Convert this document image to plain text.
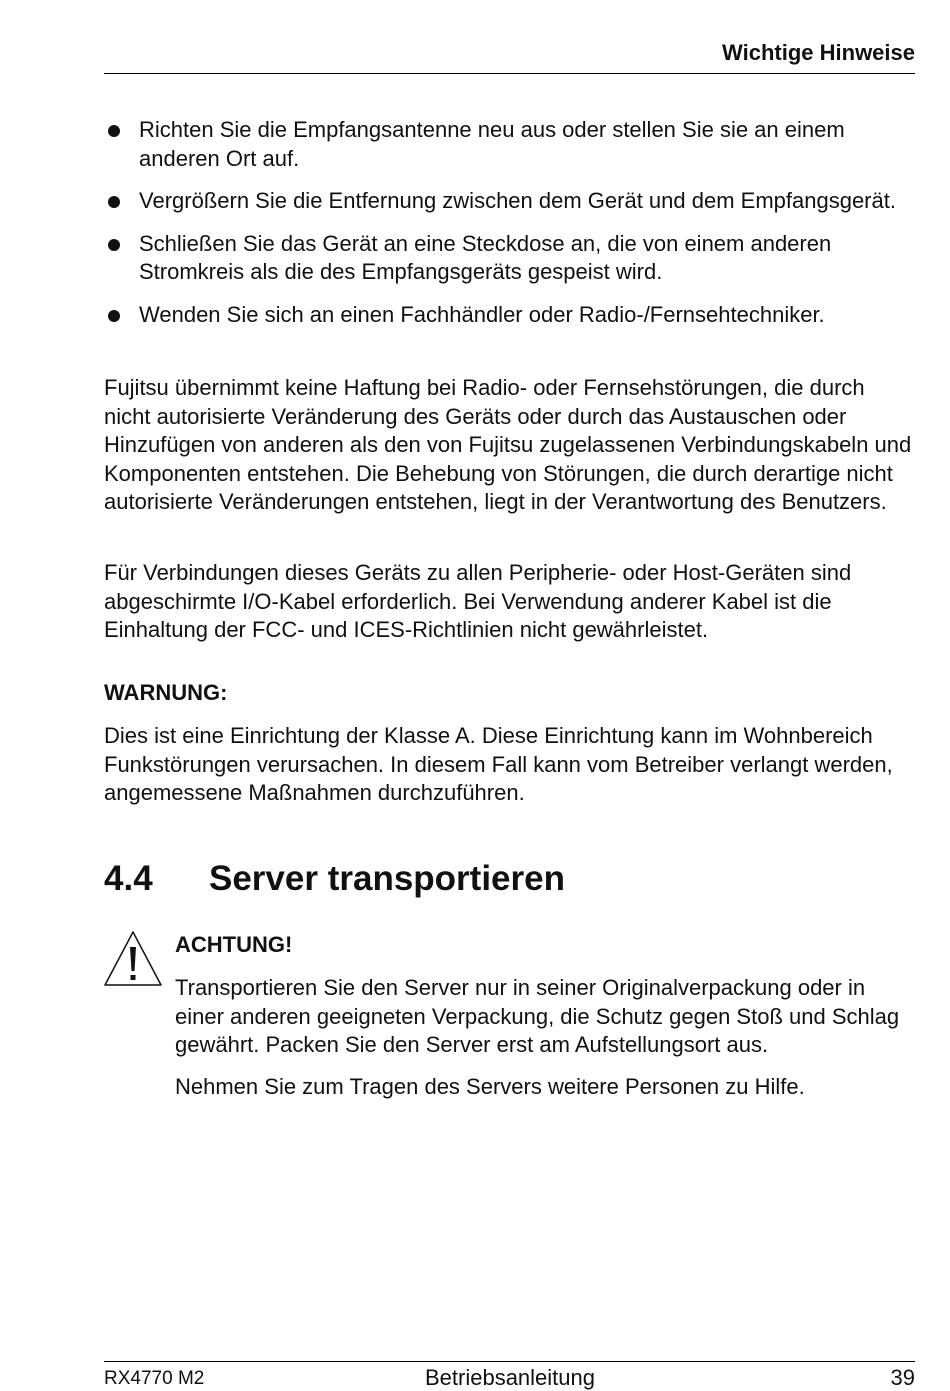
Wichtige Hinweise
Richten Sie die Empfangsantenne neu aus oder stellen Sie sie an einem anderen Ort auf.
Vergrößern Sie die Entfernung zwischen dem Gerät und dem Empfangsgerät.
Schließen Sie das Gerät an eine Steckdose an, die von einem anderen Stromkreis als die des Empfangsgeräts gespeist wird.
Wenden Sie sich an einen Fachhändler oder Radio-/Fernsehtechniker.

Fujitsu übernimmt keine Haftung bei Radio- oder Fernsehstörungen, die durch nicht autorisierte Veränderung des Geräts oder durch das Austauschen oder Hinzufügen von anderen als den von Fujitsu zugelassenen Verbindungskabeln und Komponenten entstehen. Die Behebung von Störungen, die durch derartige nicht autorisierte Veränderungen entstehen, liegt in der Verantwortung des Benutzers.

Für Verbindungen dieses Geräts zu allen Peripherie- oder Host-Geräten sind abgeschirmte I/O-Kabel erforderlich. Bei Verwendung anderer Kabel ist die Einhaltung der FCC- und ICES-Richtlinien nicht gewährleistet.

WARNUNG:

Dies ist eine Einrichtung der Klasse A. Diese Einrichtung kann im Wohnbereich Funkstörungen verursachen. In diesem Fall kann vom Betreiber verlangt werden, angemessene Maßnahmen durchzuführen.

4.4 Server transportieren

ACHTUNG!

Transportieren Sie den Server nur in seiner Originalverpackung oder in einer anderen geeigneten Verpackung, die Schutz gegen Stoß und Schlag gewährt. Packen Sie den Server erst am Aufstellungsort aus.

Nehmen Sie zum Tragen des Servers weitere Personen zu Hilfe.

RX4770 M2	Betriebsanleitung	39
